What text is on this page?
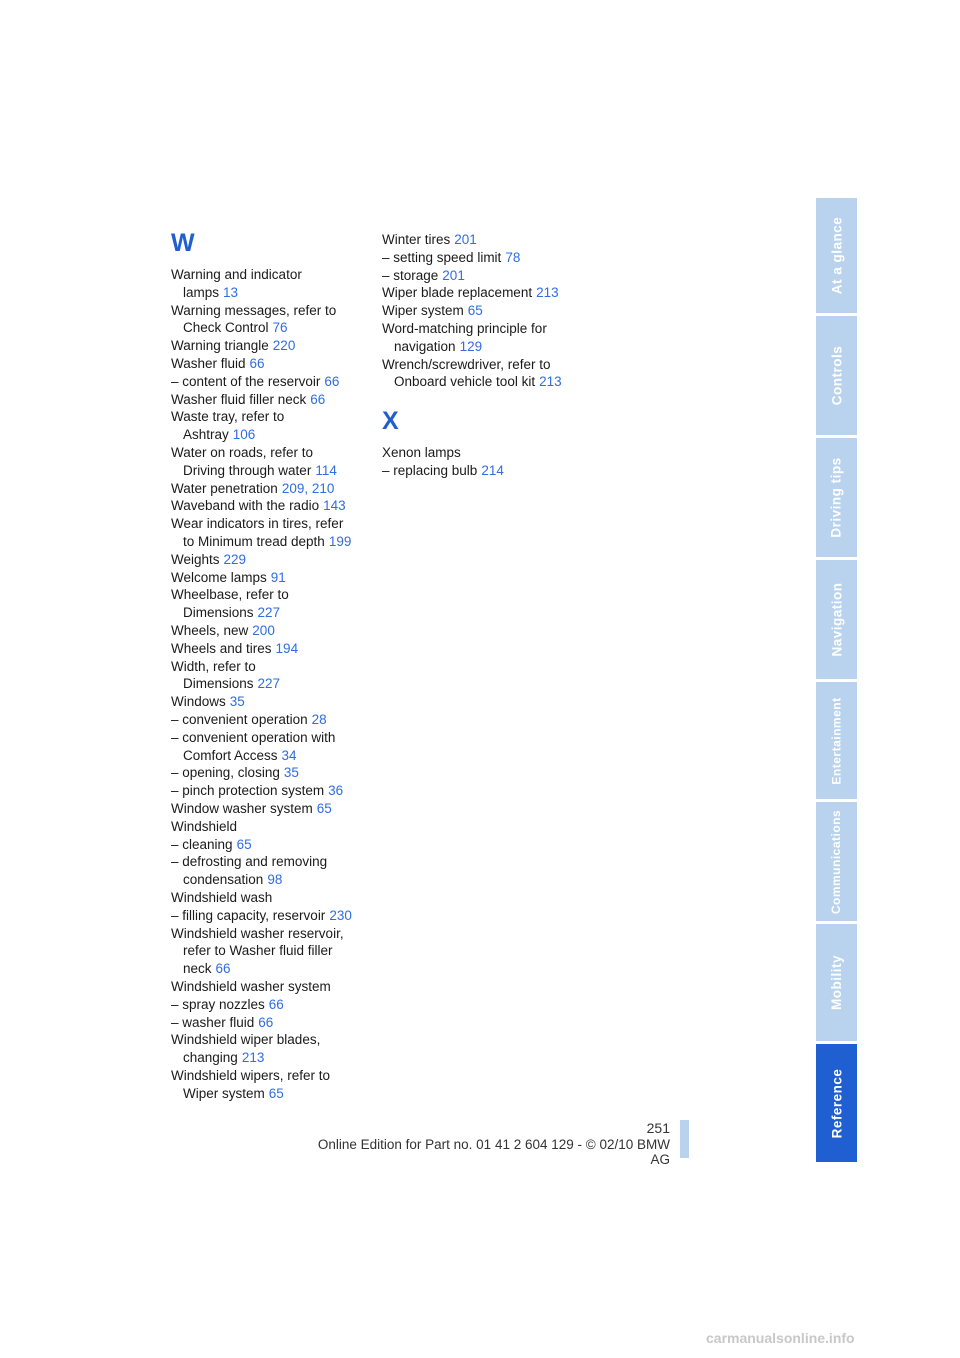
W
Warning and indicator
lamps 13
Warning messages, refer to
Check Control 76
Warning triangle 220
Washer fluid 66
– content of the reservoir 66
Washer fluid filler neck 66
Waste tray, refer to
Ashtray 106
Water on roads, refer to
Driving through water 114
Water penetration 209, 210
Waveband with the radio 143
Wear indicators in tires, refer
to Minimum tread depth 199
Weights 229
Welcome lamps 91
Wheelbase, refer to
Dimensions 227
Wheels, new 200
Wheels and tires 194
Width, refer to
Dimensions 227
Windows 35
– convenient operation 28
– convenient operation with
Comfort Access 34
– opening, closing 35
– pinch protection system 36
Window washer system 65
Windshield
– cleaning 65
– defrosting and removing
condensation 98
Windshield wash
– filling capacity, reservoir 230
Windshield washer reservoir,
refer to Washer fluid filler
neck 66
Windshield washer system
– spray nozzles 66
– washer fluid 66
Windshield wiper blades,
changing 213
Windshield wipers, refer to
Wiper system 65
Winter tires 201
– setting speed limit 78
– storage 201
Wiper blade replacement 213
Wiper system 65
Word-matching principle for
navigation 129
Wrench/screwdriver, refer to
Onboard vehicle tool kit 213
X
Xenon lamps
– replacing bulb 214
At a glance
Controls
Driving tips
Navigation
Entertainment
Communications
Mobility
Reference
251
Online Edition for Part no. 01 41 2 604 129 - © 02/10 BMW AG
carmanualsonline.info
